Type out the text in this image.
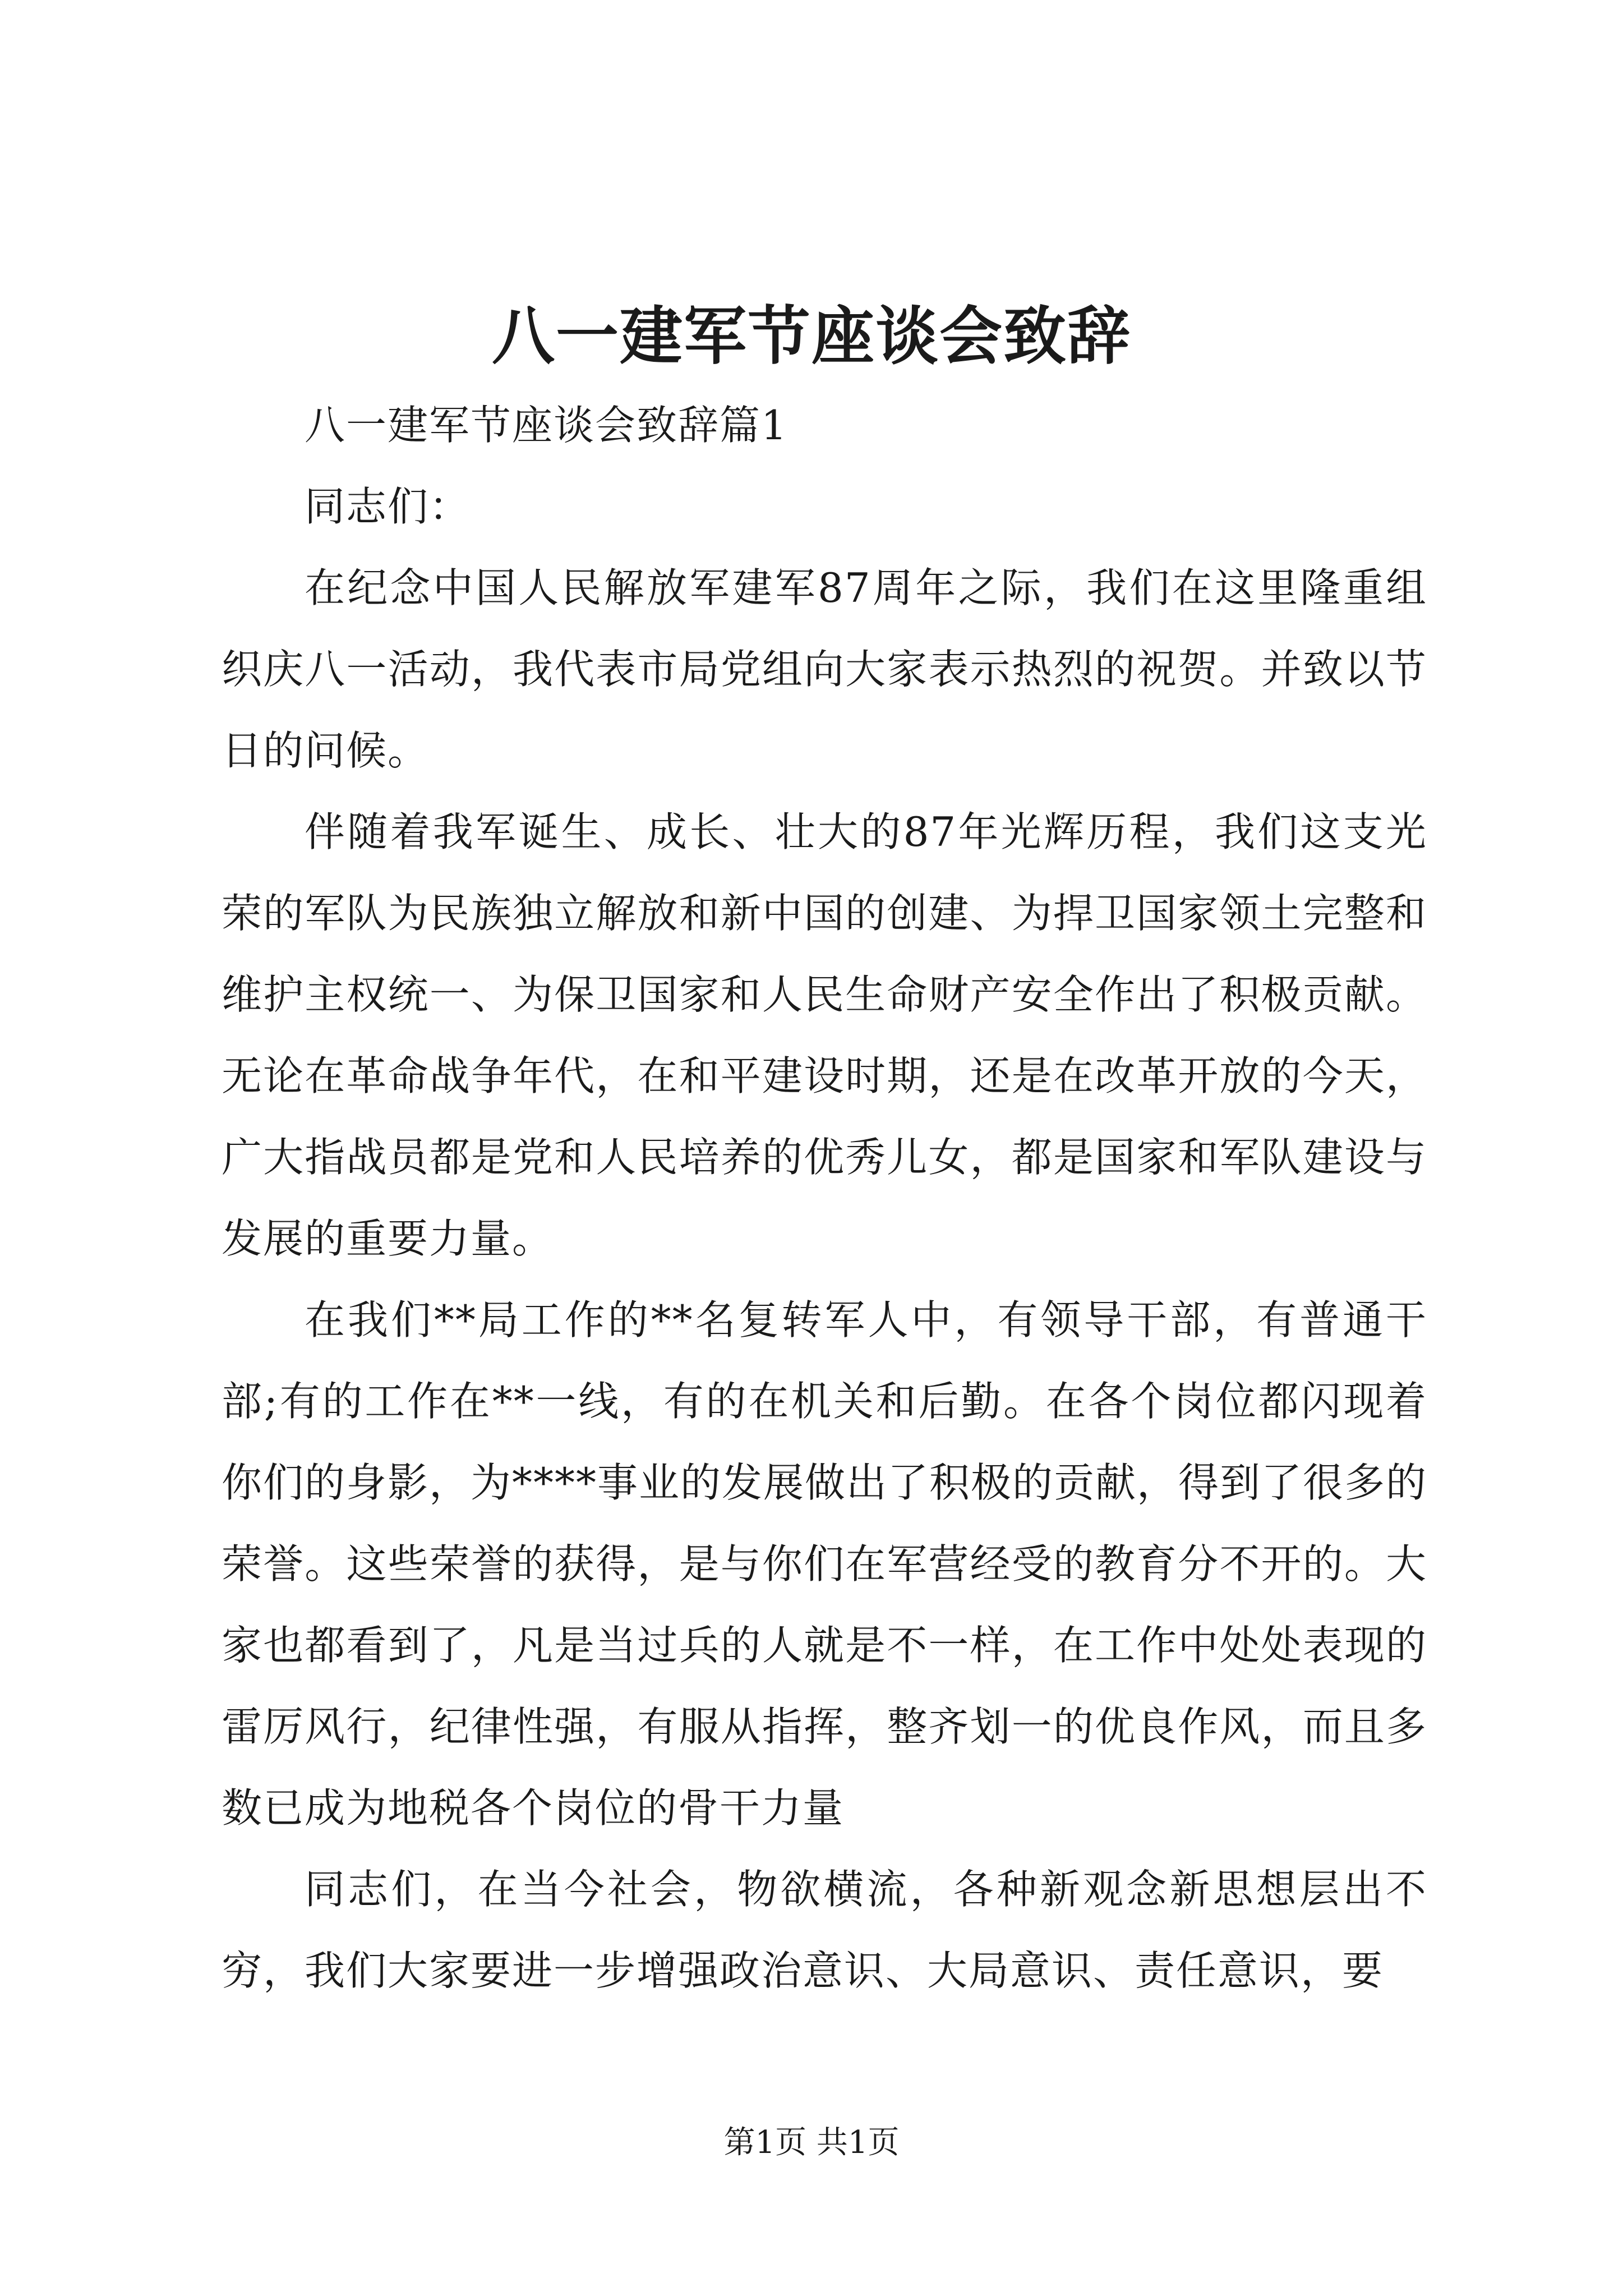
八一建军节座谈会致辞

八一建军节座谈会致辞篇1

同志们：

在纪念中国人民解放军建军87周年之际，我们在这里隆重组织庆八一活动，我代表市局党组向大家表示热烈的祝贺。并致以节日的问候。

伴随着我军诞生、成长、壮大的87年光辉历程，我们这支光荣的军队为民族独立解放和新中国的创建、为捍卫国家领土完整和维护主权统一、为保卫国家和人民生命财产安全作出了积极贡献。无论在革命战争年代，在和平建设时期，还是在改革开放的今天，广大指战员都是党和人民培养的优秀儿女，都是国家和军队建设与发展的重要力量。

在我们**局工作的**名复转军人中，有领导干部，有普通干部;有的工作在**一线，有的在机关和后勤。在各个岗位都闪现着你们的身影，为****事业的发展做出了积极的贡献，得到了很多的荣誉。这些荣誉的获得，是与你们在军营经受的教育分不开的。大家也都看到了，凡是当过兵的人就是不一样，在工作中处处表现的雷厉风行，纪律性强，有服从指挥，整齐划一的优良作风，而且多数已成为地税各个岗位的骨干力量

同志们，在当今社会，物欲横流，各种新观念新思想层出不穷，我们大家要进一步增强政治意识、大局意识、责任意识，要

第1页 共1页
